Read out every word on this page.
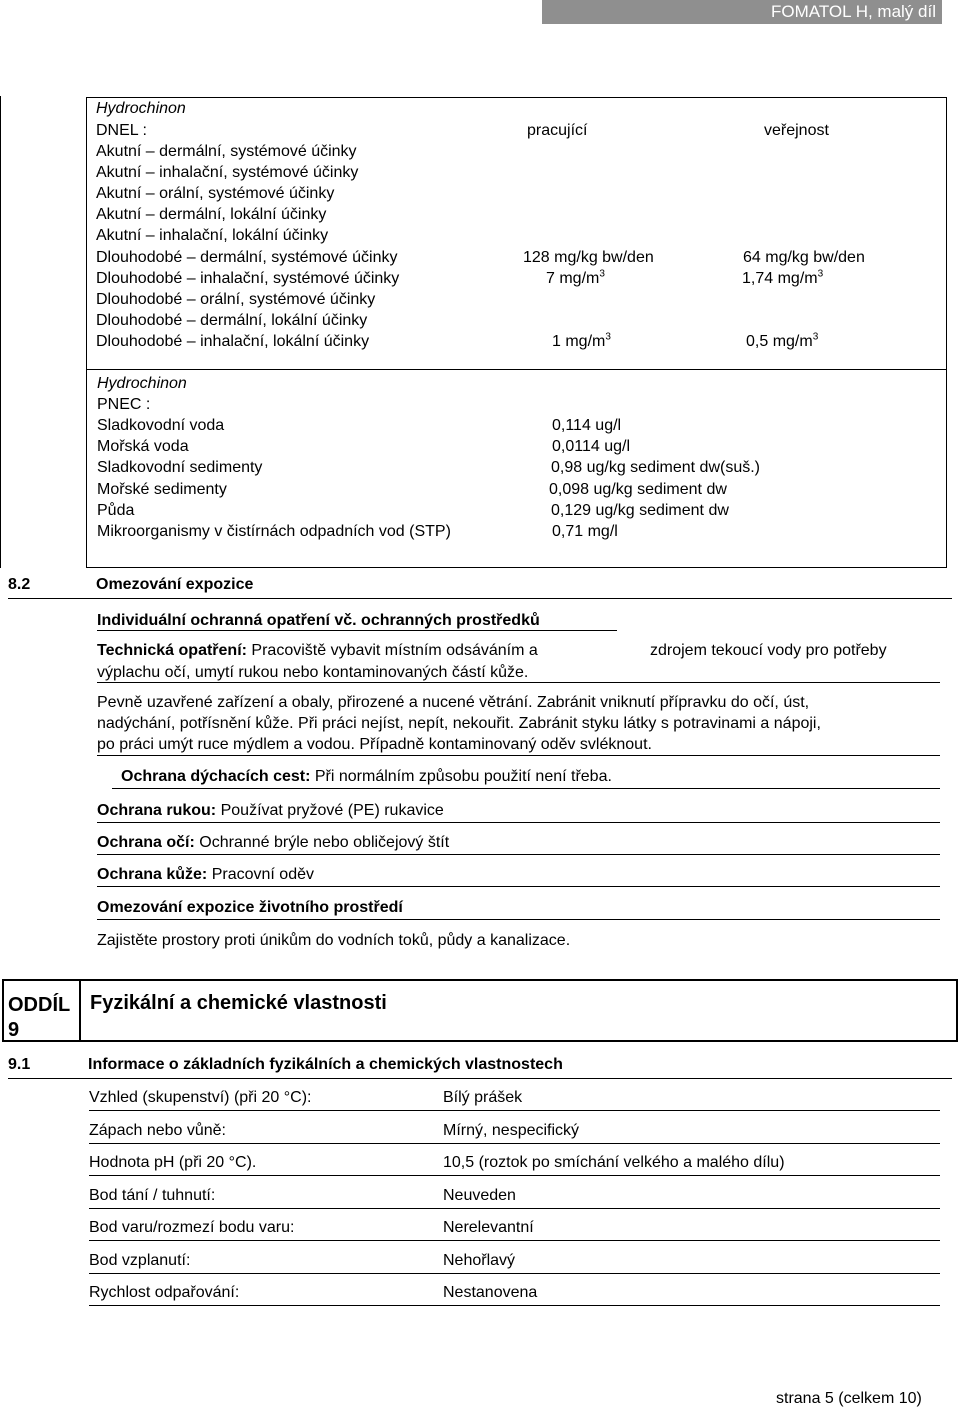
FOMATOL H, malý díl
Hydrochinon
DNEL :	pracující	veřejnost
Akutní – dermální, systémové účinky
Akutní – inhalační, systémové účinky
Akutní – orální, systémové účinky
Akutní – dermální, lokální účinky
Akutní – inhalační, lokální účinky
Dlouhodobé – dermální, systémové účinky	128 mg/kg bw/den	64 mg/kg bw/den
Dlouhodobé – inhalační, systémové účinky	7 $mg/m^3$	1,74 $mg/m^3$
Dlouhodobé – orální, systémové účinky
Dlouhodobé – dermální, lokální účinky
Dlouhodobé – inhalační, lokální účinky	1 $mg/m^3$	0,5 $mg/m^3$
Hydrochinon
PNEC :
Sladkovodní voda	0,114 ug/l
Mořská voda	0,0114 ug/l
Sladkovodní sedimenty	0,98 ug/kg sediment dw(suš.)
Mořské sedimenty	0,098 ug/kg sediment dw
Půda	0,129 ug/kg sediment dw
Mikroorganismy v čistírnách odpadních vod (STP)	0,71 mg/l
8.2	Omezování expozice
Individuální ochranná opatření vč. ochranných prostředků
Technická opatření: Pracoviště vybavit místním odsáváním a	zdrojem tekoucí vody pro potřeby
výplachu očí, umytí rukou nebo kontaminovaných částí kůže.
Pevně uzavřené zařízení a obaly, přirozené a nucené větrání. Zabránit vniknutí přípravku do očí, úst,
nadýchání, potřísnění kůže. Při práci nejíst, nepít, nekouřit. Zabránit styku látky s potravinami a nápoji,
po práci umýt ruce mýdlem a vodou. Případně kontaminovaný oděv svléknout.
Ochrana dýchacích cest: Při normálním způsobu použití není třeba.
Ochrana rukou: Používat pryžové (PE) rukavice
Ochrana očí: Ochranné brýle nebo obličejový štít
Ochrana kůže: Pracovní oděv
Omezování expozice životního prostředí
Zajistěte prostory proti únikům do vodních toků, půdy a kanalizace.
ODDÍL
9
Fyzikální a chemické vlastnosti
9.1	Informace o základních fyzikálních a chemických vlastnostech
Vzhled (skupenství) (při 20 °C):	Bílý prášek
Zápach nebo vůně:	Mírný, nespecifický
Hodnota pH (při 20 °C).	10,5 (roztok po smíchání velkého a malého dílu)
Bod tání / tuhnutí:	Neuveden
Bod varu/rozmezí bodu varu:	Nerelevantní
Bod vzplanutí:	Nehořlavý
Rychlost odpařování:	Nestanovena
strana 5 (celkem 10)
